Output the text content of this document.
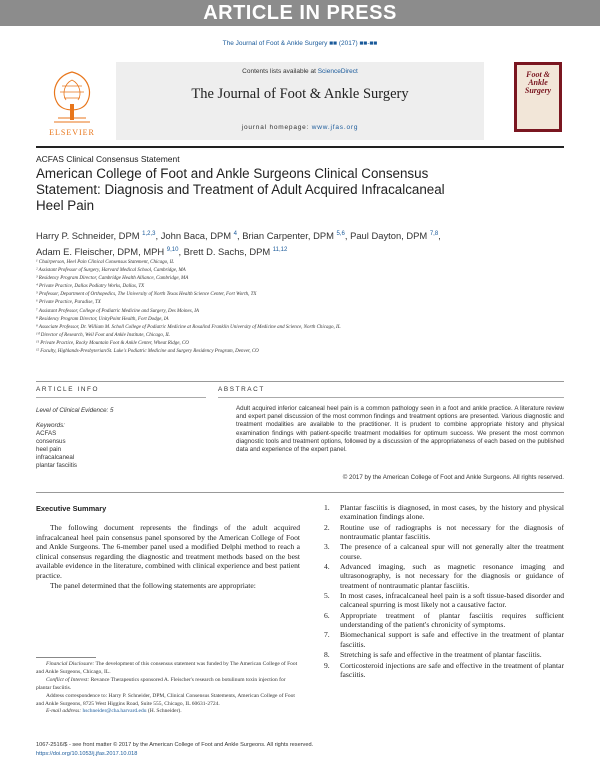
ARTICLE IN PRESS
The Journal of Foot & Ankle Surgery ■■ (2017) ■■-■■
ELSEVIER
Contents lists available at ScienceDirect
The Journal of Foot & Ankle Surgery
journal homepage: www.jfas.org
Foot & Ankle Surgery
ACFAS Clinical Consensus Statement
American College of Foot and Ankle Surgeons Clinical Consensus Statement: Diagnosis and Treatment of Adult Acquired Infracalcaneal Heel Pain
Harry P. Schneider, DPM $^{1,2,3}$, John Baca, DPM $^4$, Brian Carpenter, DPM $^{5,6}$, Paul Dayton, DPM $^{7,8}$,
Adam E. Fleischer, DPM, MPH $^{9,10}$, Brett D. Sachs, DPM $^{11,12}$
¹ Chairperson, Heel Pain Clinical Consensus Statement, Chicago, IL
² Assistant Professor of Surgery, Harvard Medical School, Cambridge, MA
³ Residency Program Director, Cambridge Health Alliance, Cambridge, MA
⁴ Private Practice, Dallas Podiatry Works, Dallas, TX
⁵ Professor, Department of Orthopedics, The University of North Texas Health Science Center, Fort Worth, TX
⁶ Private Practice, Paradise, TX
⁷ Assistant Professor, College of Podiatric Medicine and Surgery, Des Moines, IA
⁸ Residency Program Director, UnityPoint Health, Fort Dodge, IA
⁹ Associate Professor, Dr. William M. Scholl College of Podiatric Medicine at Rosalind Franklin University of Medicine and Science, North Chicago, IL
¹⁰ Director of Research, Weil Foot and Ankle Institute, Chicago, IL
¹¹ Private Practice, Rocky Mountain Foot & Ankle Center, Wheat Ridge, CO
¹² Faculty, Highlands-Presbyterian/St. Luke's Podiatric Medicine and Surgery Residency Program, Denver, CO
ARTICLE INFO	ABSTRACT
Level of Clinical Evidence: 5
Keywords:
ACFAS
consensus
heel pain
infracalcaneal
plantar fasciitis
Adult acquired inferior calcaneal heel pain is a common pathology seen in a foot and ankle practice. A literature review and expert panel discussion of the most common findings and treatment options are presented. Various diagnostic and treatment modalities are available to the practitioner. It is prudent to combine appropriate history and physical examination findings with patient-specific treatment modalities for optimum success. We present the most common diagnostic tools and treatment options, followed by a discussion of the appropriateness of each based on the published data and experience of the expert panel.
© 2017 by the American College of Foot and Ankle Surgeons. All rights reserved.
Executive Summary

The following document represents the findings of the adult acquired infracalcaneal heel pain consensus panel sponsored by the American College of Foot and Ankle Surgeons. The 6-member panel used a modified Delphi method to reach a clinical consensus regarding the diagnostic and treatment methods based on the best available evidence in the literature, combined with clinical experience and best patient practice.

The panel determined that the following statements are appropriate:

Financial Disclosure: The development of this consensus statement was funded by The American College of Foot and Ankle Surgeons, Chicago, IL.

Conflict of Interest: Revance Therapeutics sponsored A. Fleischer's research on botulinum toxin injection for plantar fasciitis.

Address correspondence to: Harry P. Schneider, DPM, Clinical Consensus Statements, American College of Foot and Ankle Surgeons, 8725 West Higgins Road, Suite 555, Chicago, IL 60631-2724.

E-mail address: hschneider@cha.harvard.edu (H. Schneider).

1. Plantar fasciitis is diagnosed, in most cases, by the history and physical examination findings alone.
2. Routine use of radiographs is not necessary for the diagnosis of nontraumatic plantar fasciitis.
3. The presence of a calcaneal spur will not generally alter the treatment course.
4. Advanced imaging, such as magnetic resonance imaging and ultrasonography, is not necessary for the diagnosis or guidance of treatment of nontraumatic plantar fasciitis.
5. In most cases, infracalcaneal heel pain is a soft tissue-based disorder and calcaneal spurring is most likely not a causative factor.
6. Appropriate treatment of plantar fasciitis requires sufficient understanding of the patient's chronicity of symptoms.
7. Biomechanical support is safe and effective in the treatment of plantar fasciitis.
8. Stretching is safe and effective in the treatment of plantar fasciitis.
9. Corticosteroid injections are safe and effective in the treatment of plantar fasciitis.
1067-2516/$ - see front matter © 2017 by the American College of Foot and Ankle Surgeons. All rights reserved.
https://doi.org/10.1053/j.jfas.2017.10.018
